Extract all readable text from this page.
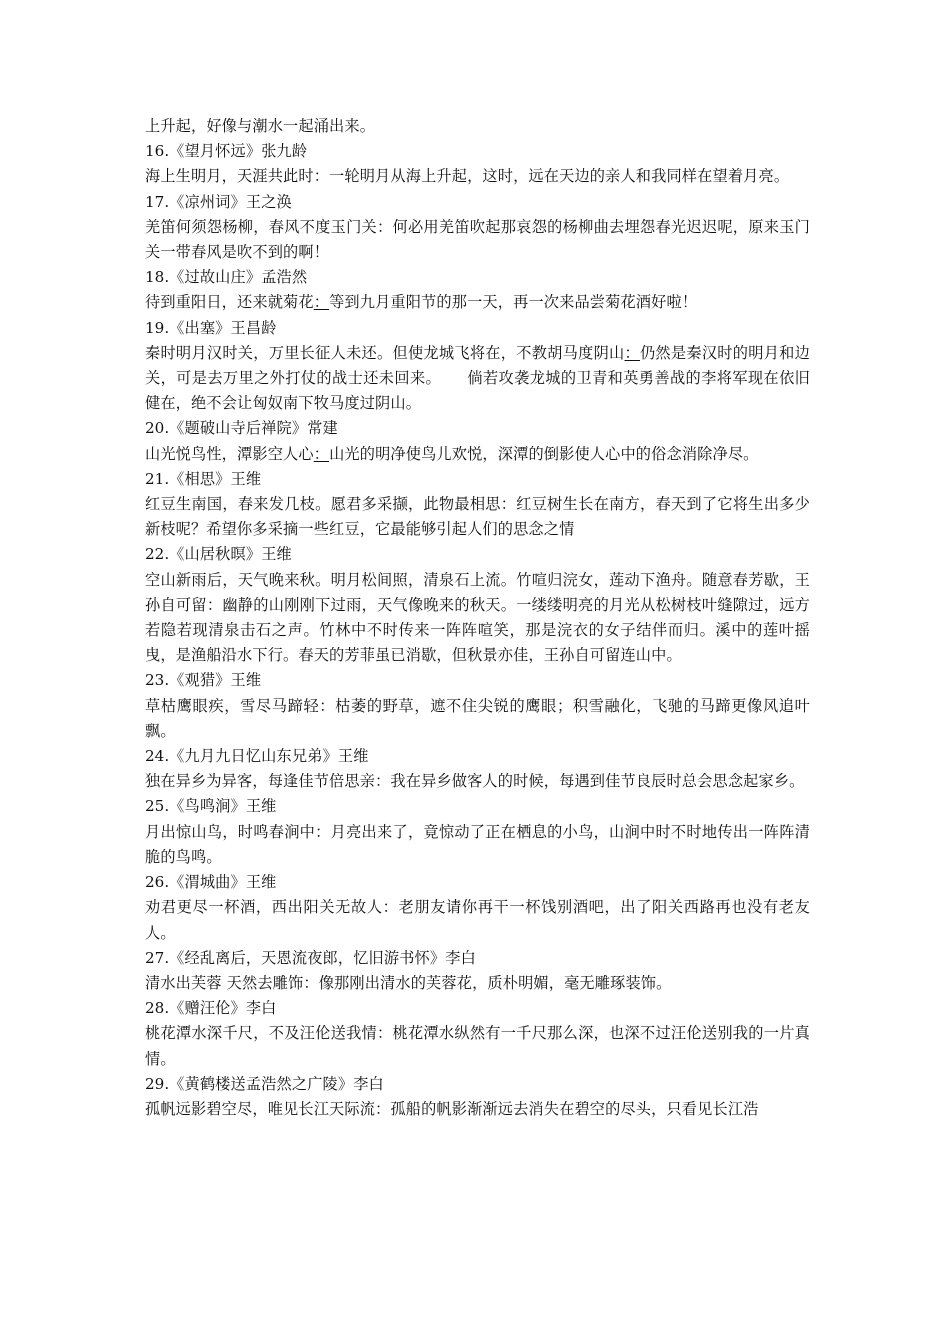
上升起，好像与潮水一起涌出来。

16.《望月怀远》张九龄

海上生明月，天涯共此时：一轮明月从海上升起，这时，远在天边的亲人和我同样在望着月亮。

17.《凉州词》王之涣

羌笛何须怨杨柳，春风不度玉门关：何必用羌笛吹起那哀怨的杨柳曲去埋怨春光迟迟呢，原来玉门关一带春风是吹不到的啊！

18.《过故山庄》孟浩然

待到重阳日，还来就菊花：等到九月重阳节的那一天，再一次来品尝菊花酒好啦！

19.《出塞》王昌龄

秦时明月汉时关，万里长征人未还。但使龙城飞将在，不教胡马度阴山：仍然是秦汉时的明月和边关，可是去万里之外打仗的战士还未回来。 倘若攻袭龙城的卫青和英勇善战的李将军现在依旧健在，绝不会让匈奴南下牧马度过阴山。

20.《题破山寺后禅院》常建

山光悦鸟性，潭影空人心：山光的明净使鸟儿欢悦，深潭的倒影使人心中的俗念消除净尽。

21.《相思》王维

红豆生南国，春来发几枝。愿君多采撷，此物最相思：红豆树生长在南方，春天到了它将生出多少新枝呢？希望你多采摘一些红豆，它最能够引起人们的思念之情

22.《山居秋暝》王维

空山新雨后，天气晚来秋。明月松间照，清泉石上流。竹喧归浣女，莲动下渔舟。随意春芳歇，王孙自可留：幽静的山刚刚下过雨，天气像晚来的秋天。一缕缕明亮的月光从松树枝叶缝隙过，远方若隐若现清泉击石之声。竹林中不时传来一阵阵喧笑，那是浣衣的女子结伴而归。溪中的莲叶摇曳，是渔船沿水下行。春天的芳菲虽已消歇，但秋景亦佳，王孙自可留连山中。

23.《观猎》王维

草枯鹰眼疾，雪尽马蹄轻：枯萎的野草，遮不住尖锐的鹰眼；积雪融化，飞驰的马蹄更像风追叶飘。

24.《九月九日忆山东兄弟》王维

独在异乡为异客，每逢佳节倍思亲：我在异乡做客人的时候，每遇到佳节良辰时总会思念起家乡。

25.《鸟鸣涧》王维

月出惊山鸟，时鸣春涧中：月亮出来了，竟惊动了正在栖息的小鸟，山涧中时不时地传出一阵阵清脆的鸟鸣。

26.《渭城曲》王维

劝君更尽一杯酒，西出阳关无故人：老朋友请你再干一杯饯别酒吧，出了阳关西路再也没有老友人。

27.《经乱离后，天恩流夜郎，忆旧游书怀》李白

清水出芙蓉 天然去雕饰：像那刚出清水的芙蓉花，质朴明媚，毫无雕琢装饰。

28.《赠汪伦》李白

桃花潭水深千尺，不及汪伦送我情：桃花潭水纵然有一千尺那么深，也深不过汪伦送别我的一片真情。

29.《黄鹤楼送孟浩然之广陵》李白

孤帆远影碧空尽，唯见长江天际流：孤船的帆影渐渐远去消失在碧空的尽头，只看见长江浩
